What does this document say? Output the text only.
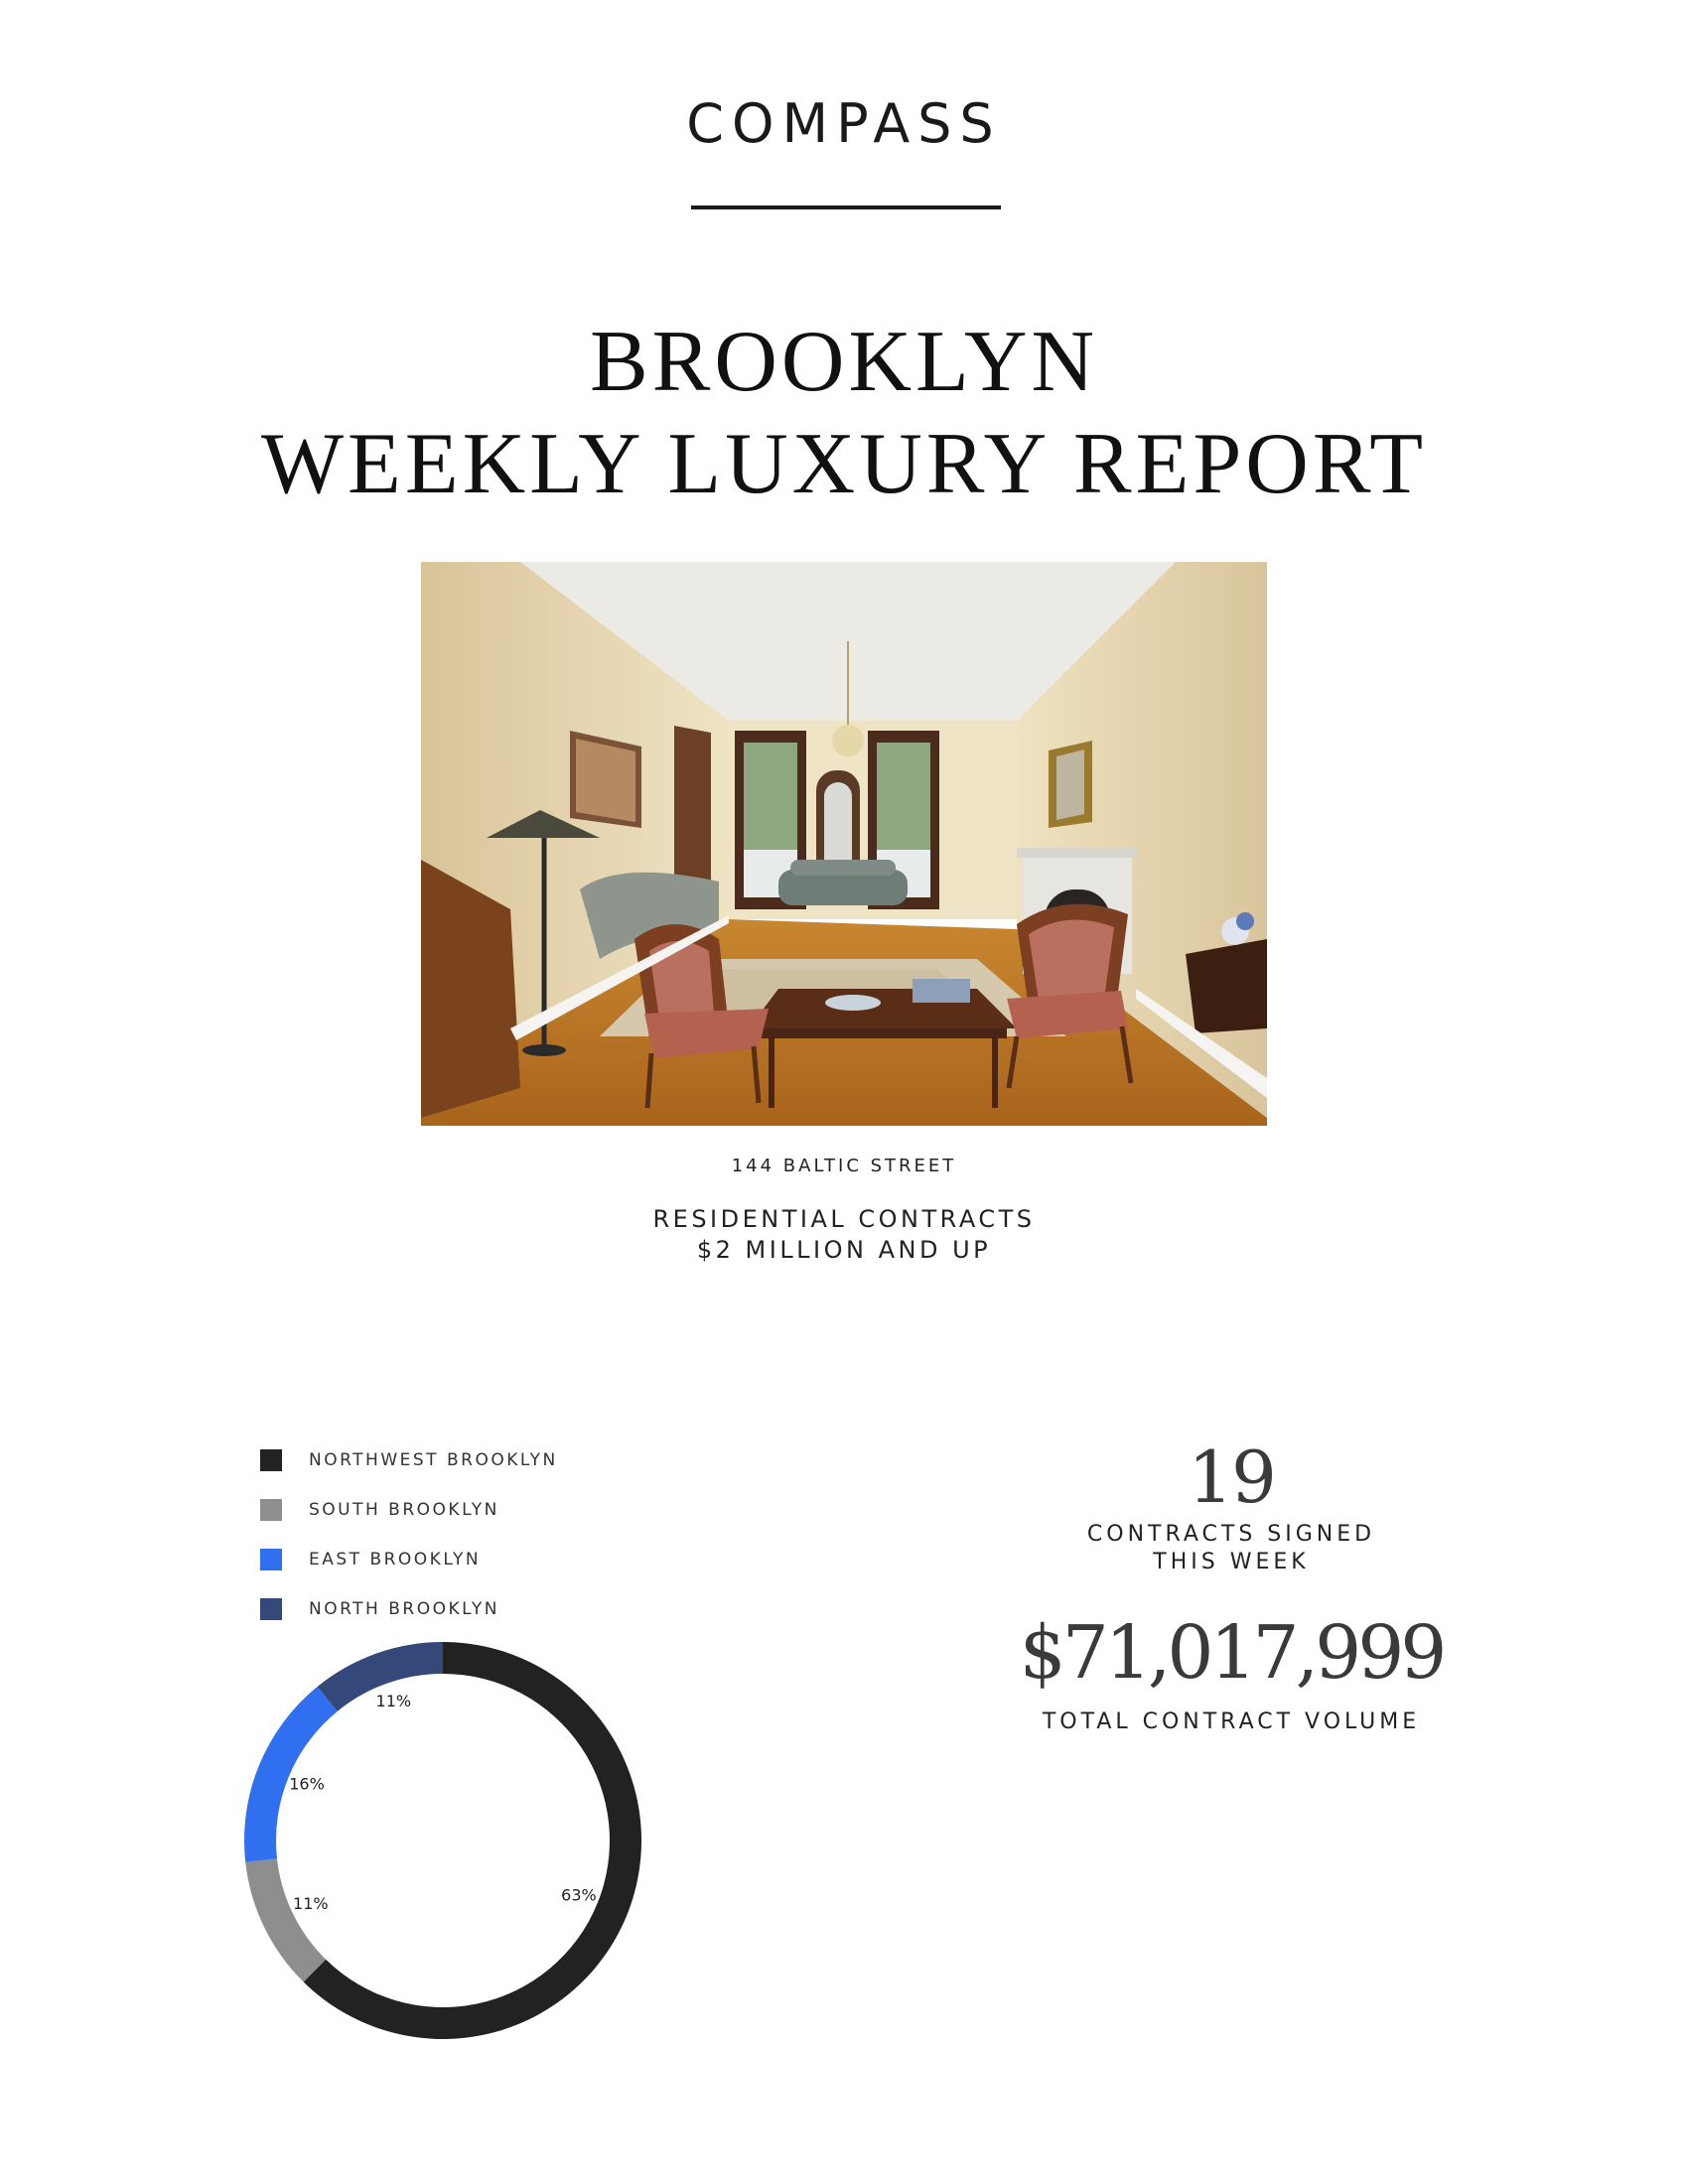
COMPASS
BROOKLYN
WEEKLY LUXURY REPORT
144 BALTIC STREET
RESIDENTIAL CONTRACTS
$2 MILLION AND UP
NORTHWEST BROOKLYN
SOUTH BROOKLYN
EAST BROOKLYN
NORTH BROOKLYN
63%
11%
16%
11%
19
CONTRACTS SIGNED
THIS WEEK
$71,017,999
TOTAL CONTRACT VOLUME
